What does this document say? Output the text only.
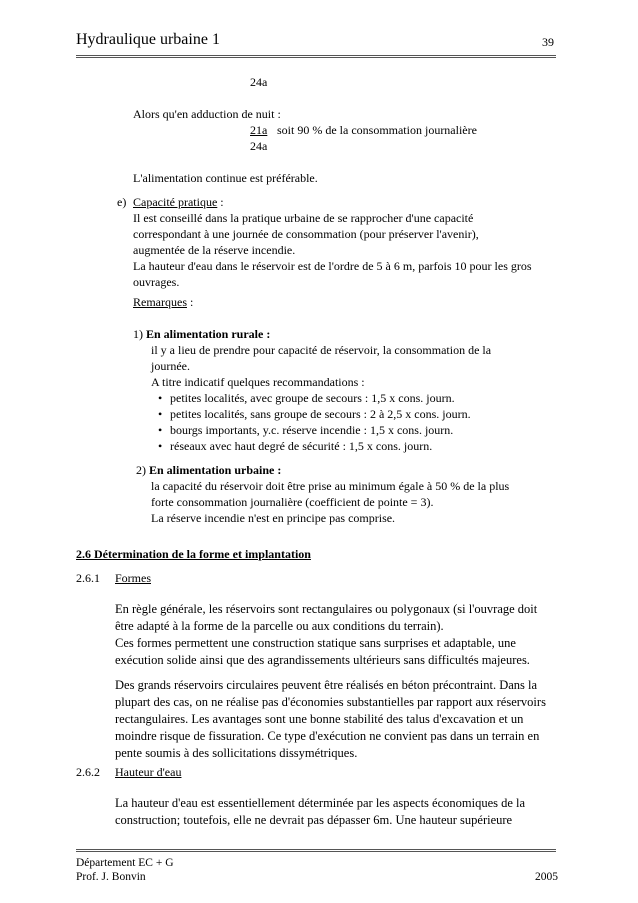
Hydraulique urbaine 1	39
24a
Alors qu'en adduction de nuit :
21a soit 90 % de la consommation journalière
24a
L'alimentation continue est préférable.
e) Capacité pratique :
Il est conseillé dans la pratique urbaine de se rapprocher d'une capacité
correspondant à une journée de consommation (pour préserver l'avenir),
augmentée de la réserve incendie.
La hauteur d'eau dans le réservoir est de l'ordre de 5 à 6 m, parfois 10 pour les gros
ouvrages.
Remarques :
1) En alimentation rurale :
il y a lieu de prendre pour capacité de réservoir, la consommation de la
journée.
A titre indicatif quelques recommandations :
• petites localités, avec groupe de secours : 1,5 x cons. journ.
• petites localités, sans groupe de secours : 2 à 2,5 x cons. journ.
• bourgs importants, y.c. réserve incendie : 1,5 x cons. journ.
• réseaux avec haut degré de sécurité : 1,5 x cons. journ.
2) En alimentation urbaine :
la capacité du réservoir doit être prise au minimum égale à 50 % de la plus
forte consommation journalière (coefficient de pointe = 3).
La réserve incendie n'est en principe pas comprise.
2.6 Détermination de la forme et implantation
2.6.1 Formes
En règle générale, les réservoirs sont rectangulaires ou polygonaux (si l'ouvrage doit
être adapté à la forme de la parcelle ou aux conditions du terrain).
Ces formes permettent une construction statique sans surprises et adaptable, une
exécution solide ainsi que des agrandissements ultérieurs sans difficultés majeures.
Des grands réservoirs circulaires peuvent être réalisés en béton précontraint. Dans la
plupart des cas, on ne réalise pas d'économies substantielles par rapport aux réservoirs
rectangulaires. Les avantages sont une bonne stabilité des talus d'excavation et un
moindre risque de fissuration. Ce type d'exécution ne convient pas dans un terrain en
pente soumis à des sollicitations dissymétriques.
2.6.2 Hauteur d'eau
La hauteur d'eau est essentiellement déterminée par les aspects économiques de la
construction; toutefois, elle ne devrait pas dépasser 6m. Une hauteur supérieure
Département EC + G
Prof. J. Bonvin	2005
